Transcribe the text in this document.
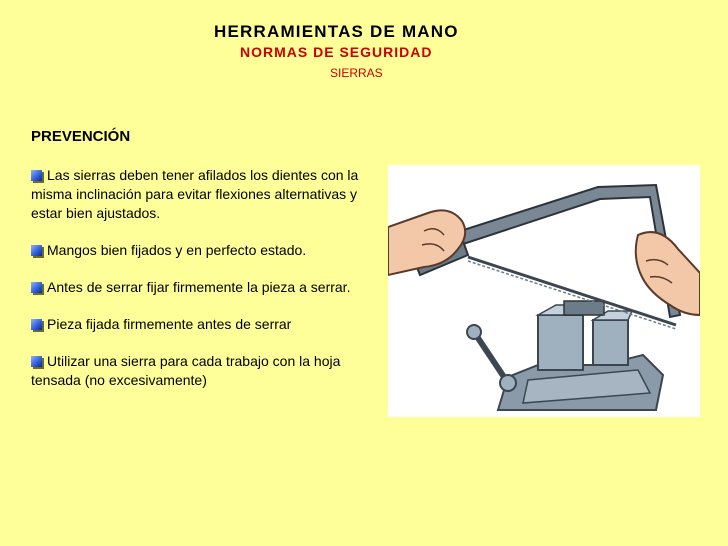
HERRAMIENTAS DE MANO
NORMAS DE SEGURIDAD
SIERRAS
PREVENCIÓN
Las sierras deben tener afilados los dientes con la misma inclinación para evitar flexiones alternativas y estar bien ajustados.
Mangos bien fijados y en perfecto estado.
Antes de serrar fijar firmemente la pieza a serrar.
Pieza fijada firmemente antes de serrar
Utilizar una sierra para cada trabajo con la hoja tensada (no excesivamente)
